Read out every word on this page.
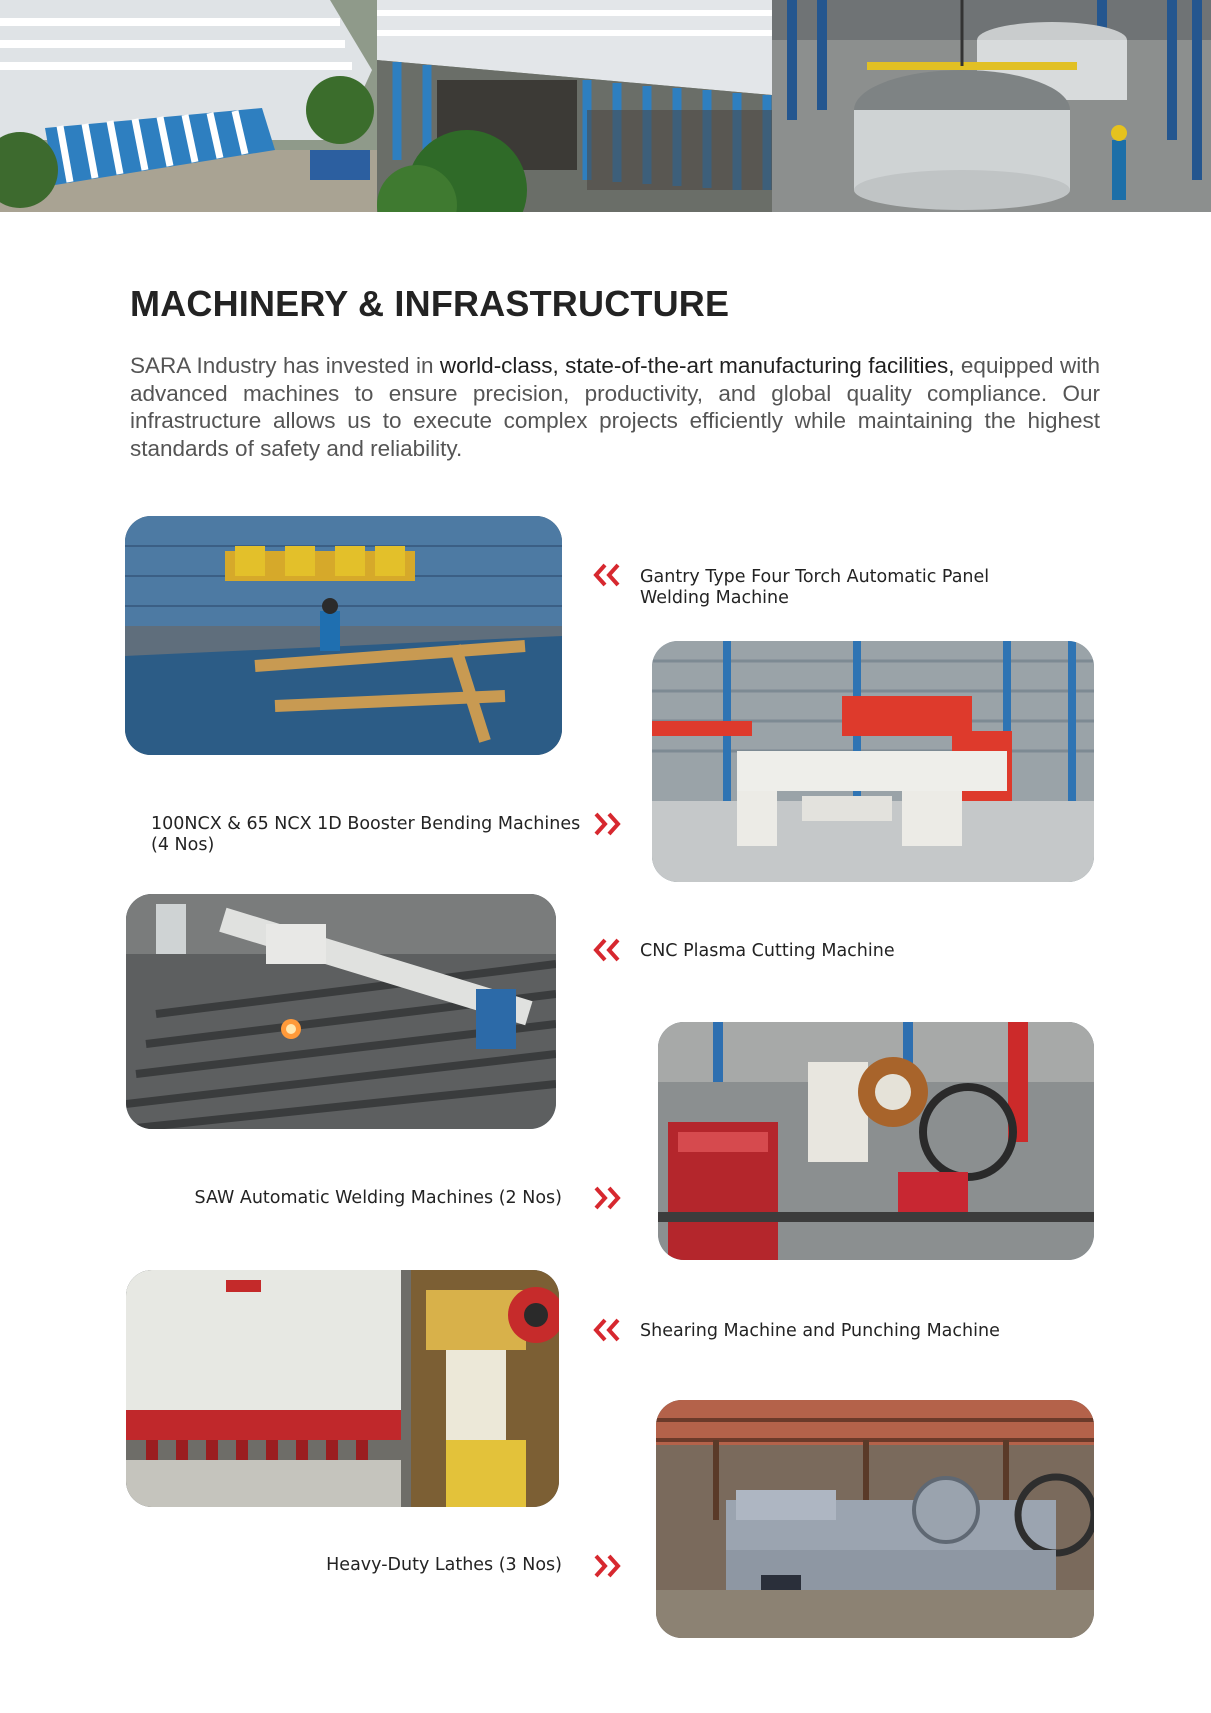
MACHINERY & INFRASTRUCTURE

SARA Industry has invested in world-class, state-of-the-art manufacturing facilities, equipped with advanced machines to ensure precision, productivity, and global quality compliance. Our infrastructure allows us to execute complex projects efficiently while maintaining the highest standards of safety and reliability.

Gantry Type Four Torch Automatic Panel
Welding Machine

100NCX & 65 NCX 1D Booster Bending Machines
(4 Nos)

CNC Plasma Cutting Machine

SAW Automatic Welding Machines (2 Nos)

Shearing Machine and Punching Machine

Heavy-Duty Lathes (3 Nos)
